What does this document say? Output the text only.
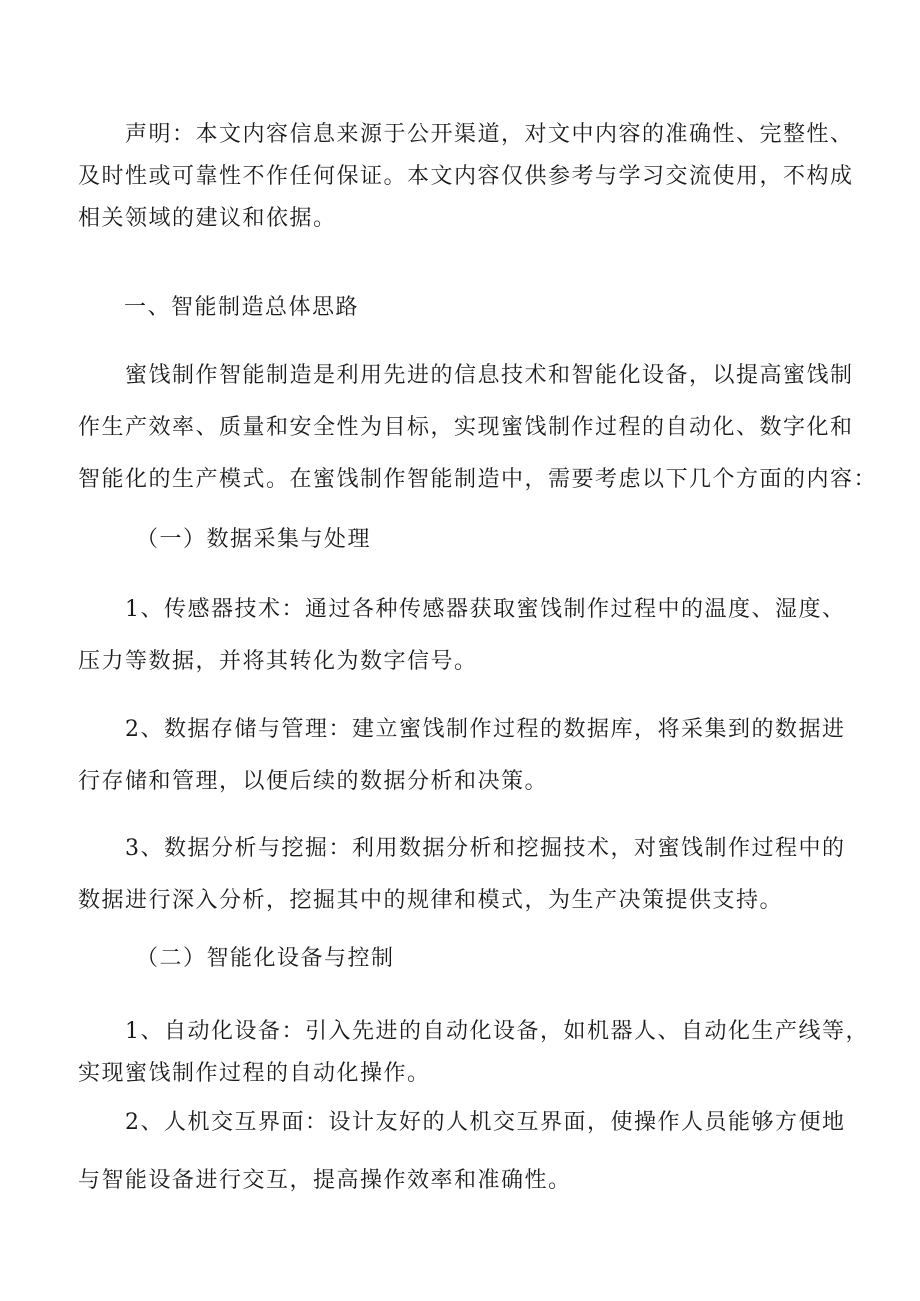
　　声明：本文内容信息来源于公开渠道，对文中内容的准确性、完整性、
及时性或可靠性不作任何保证。本文内容仅供参考与学习交流使用，不构成
相关领域的建议和依据。

一、智能制造总体思路

　　蜜饯制作智能制造是利用先进的信息技术和智能化设备，以提高蜜饯制
作生产效率、质量和安全性为目标，实现蜜饯制作过程的自动化、数字化和
智能化的生产模式。在蜜饯制作智能制造中，需要考虑以下几个方面的内容：

（一）数据采集与处理

　　1、传感器技术：通过各种传感器获取蜜饯制作过程中的温度、湿度、
压力等数据，并将其转化为数字信号。
　　2、数据存储与管理：建立蜜饯制作过程的数据库，将采集到的数据进
行存储和管理，以便后续的数据分析和决策。
　　3、数据分析与挖掘：利用数据分析和挖掘技术，对蜜饯制作过程中的
数据进行深入分析，挖掘其中的规律和模式，为生产决策提供支持。

（二）智能化设备与控制

　　1、自动化设备：引入先进的自动化设备，如机器人、自动化生产线等，
实现蜜饯制作过程的自动化操作。
　　2、人机交互界面：设计友好的人机交互界面，使操作人员能够方便地
与智能设备进行交互，提高操作效率和准确性。
